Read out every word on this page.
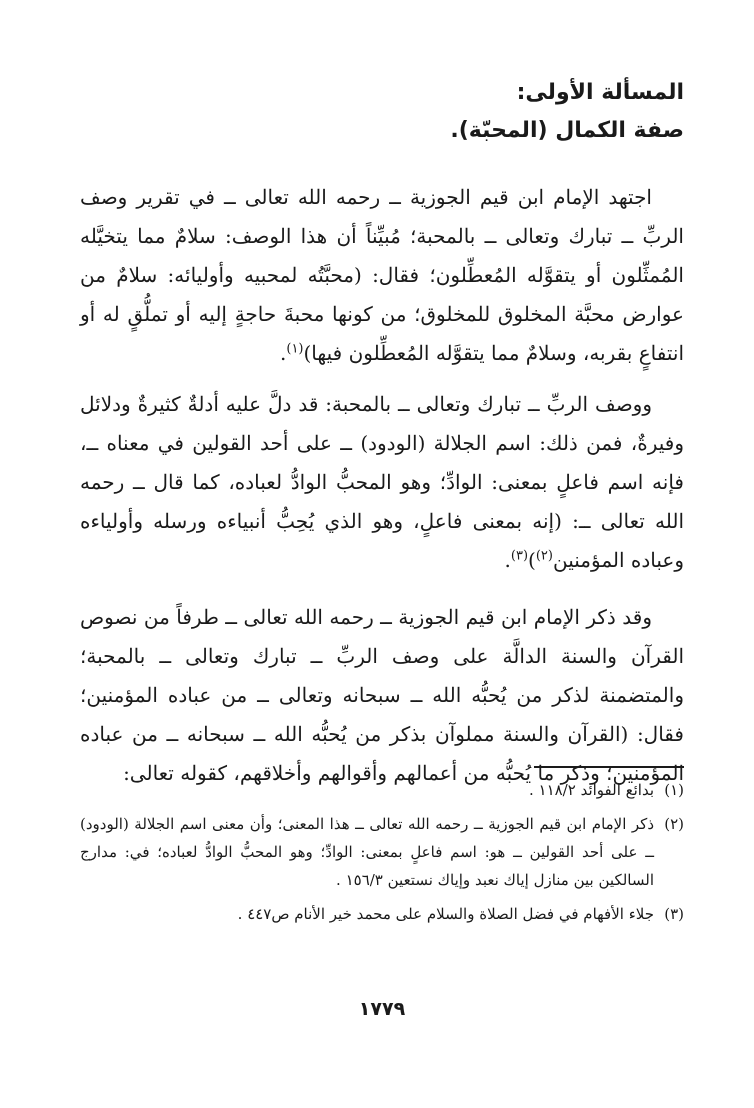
المسألة الأولى:

صفة الكمال (المحبّة).

اجتهد الإمام ابن قيم الجوزية ــ رحمه الله تعالى ــ في تقرير وصف الربِّ ــ تبارك وتعالى ــ بالمحبة؛ مُبيِّناً أن هذا الوصف: سلامٌ مما يتخيَّله المُمثِّلون أو يتقوَّله المُعطِّلون؛ فقال: (محبَّتُه لمحبيه وأوليائه: سلامٌ من عوارض محبَّة المخلوق للمخلوق؛ من كونها محبةَ حاجةٍ إليه أو تملُّقٍ له أو انتفاعٍ بقربه، وسلامٌ مما يتقوَّله المُعطِّلون فيها)$^{(١)}$.

ووصف الربِّ ــ تبارك وتعالى ــ بالمحبة: قد دلَّ عليه أدلةٌ كثيرةٌ ودلائل وفيرةٌ، فمن ذلك: اسم الجلالة (الودود) ــ على أحد القولين في معناه ــ، فإنه اسم فاعلٍ بمعنى: الوادِّ؛ وهو المحبُّ الوادُّ لعباده، كما قال ــ رحمه الله تعالى ــ: (إنه بمعنى فاعلٍ، وهو الذي يُحِبُّ أنبياءه ورسله وأولياءه وعباده المؤمنين$^{(٢)}$)$^{(٣)}$.

وقد ذكر الإمام ابن قيم الجوزية ــ رحمه الله تعالى ــ طرفاً من نصوص القرآن والسنة الدالَّة على وصف الربِّ ــ تبارك وتعالى ــ بالمحبة؛ والمتضمنة لذكر من يُحبُّه الله ــ سبحانه وتعالى ــ من عباده المؤمنين؛ فقال: (القرآن والسنة مملوآن بذكر من يُحبُّه الله ــ سبحانه ــ من عباده المؤمنين؛ وذكر ما يُحبُّه من أعمالهم وأقوالهم وأخلاقهم، كقوله تعالى:

(١)
بدائع الفوائد ١١٨/٢ .

(٢)
ذكر الإمام ابن قيم الجوزية ــ رحمه الله تعالى ــ هذا المعنى؛ وأن معنى اسم الجلالة (الودود) ــ على أحد القولين ــ هو: اسم فاعلٍ بمعنى: الوادِّ؛ وهو المحبُّ الوادُّ لعباده؛ في: مدارج السالكين بين منازل إياك نعبد وإياك نستعين ١٥٦/٣ .

(٣)
جلاء الأفهام في فضل الصلاة والسلام على محمد خير الأنام ص٤٤٧ .

١٧٧٩
